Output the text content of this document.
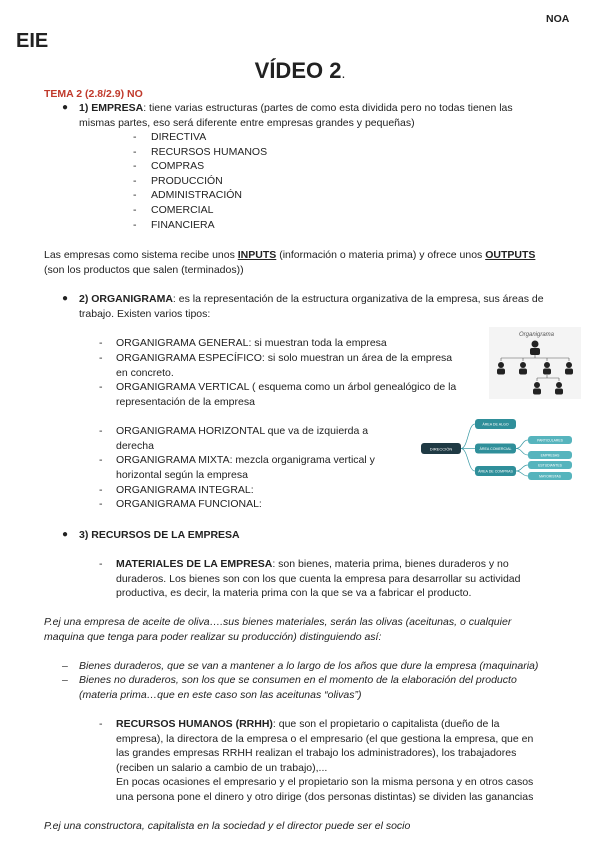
NOA
EIE
VÍDEO 2.
TEMA 2 (2.8/2.9) NO
● 1) EMPRESA: tiene varias estructuras (partes de como esta dividida pero no todas tienen las
mismas partes, eso será diferente entre empresas grandes y pequeñas)
- DIRECTIVA
- RECURSOS HUMANOS
- COMPRAS
- PRODUCCIÓN
- ADMINISTRACIÓN
- COMERCIAL
- FINANCIERA
Las empresas como sistema recibe unos INPUTS (información o materia prima) y ofrece unos OUTPUTS
(son los productos que salen (terminados))
● 2) ORGANIGRAMA: es la representación de la estructura organizativa de la empresa, sus áreas de
trabajo. Existen varios tipos:
- ORGANIGRAMA GENERAL: si muestran toda la empresa
- ORGANIGRAMA ESPECÍFICO: si solo muestran un área de la empresa
en concreto.
- ORGANIGRAMA VERTICAL ( esquema como un árbol genealógico de la
representación de la empresa
- ORGANIGRAMA HORIZONTAL que va de izquierda a
derecha
- ORGANIGRAMA MIXTA: mezcla organigrama vertical y
horizontal según la empresa
- ORGANIGRAMA INTEGRAL:
- ORGANIGRAMA FUNCIONAL:
Organigrama
DIRECCIÓN
ÁREA DE ALGO
ÁREA COMERCIAL
ÁREA DE COMPRAS
PARTICULARES
EMPRESAS
ESTUDIANTES
MAYORISTAS
● 3) RECURSOS DE LA EMPRESA
- MATERIALES DE LA EMPRESA: son bienes, materia prima, bienes duraderos y no
duraderos. Los bienes son con los que cuenta la empresa para desarrollar su actividad
productiva, es decir, la materia prima con la que se va a fabricar el producto.
P.ej una empresa de aceite de oliva….sus bienes materiales, serán las olivas (aceitunas, o cualquier
maquina que tenga para poder realizar su producción) distinguiendo así:
– Bienes duraderos, que se van a mantener a lo largo de los años que dure la empresa (maquinaria)
– Bienes no duraderos, son los que se consumen en el momento de la elaboración del producto
(materia prima…que en este caso son las aceitunas “olivas”)
- RECURSOS HUMANOS (RRHH): que son el propietario o capitalista (dueño de la
empresa), la directora de la empresa o el empresario (el que gestiona la empresa, que en
las grandes empresas RRHH realizan el trabajo los administradores), los trabajadores
(reciben un salario a cambio de un trabajo),...
En pocas ocasiones el empresario y el propietario son la misma persona y en otros casos
una persona pone el dinero y otro dirige (dos personas distintas) se dividen las ganancias
P.ej una constructora, capitalista en la sociedad y el director puede ser el socio
